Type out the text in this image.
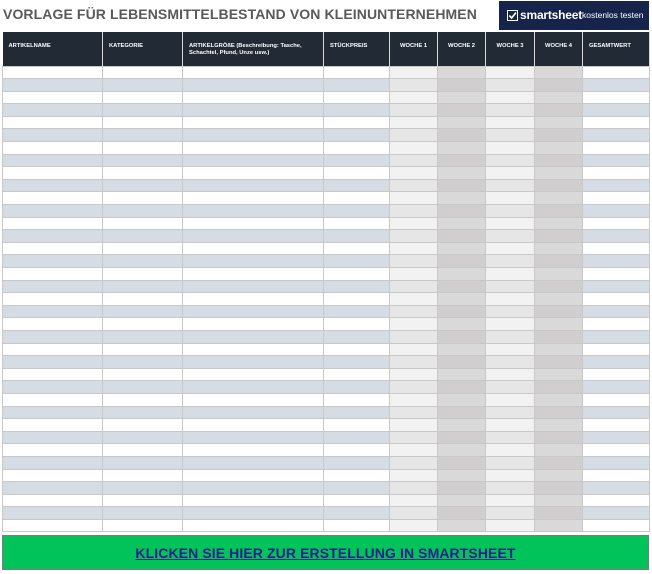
VORLAGE FÜR LEBENSMITTELBESTAND VON KLEINUNTERNEHMEN	smartsheet kostenlos testen
ARTIKELNAME	KATEGORIE	ARTIKELGRÖßE (Beschreibung: Tasche, Schachtel, Pfund, Unze usw.)	STÜCKPREIS	WOCHE 1	WOCHE 2	WOCHE 3	WOCHE 4	GESAMTWERT

KLICKEN SIE HIER ZUR ERSTELLUNG IN SMARTSHEET
